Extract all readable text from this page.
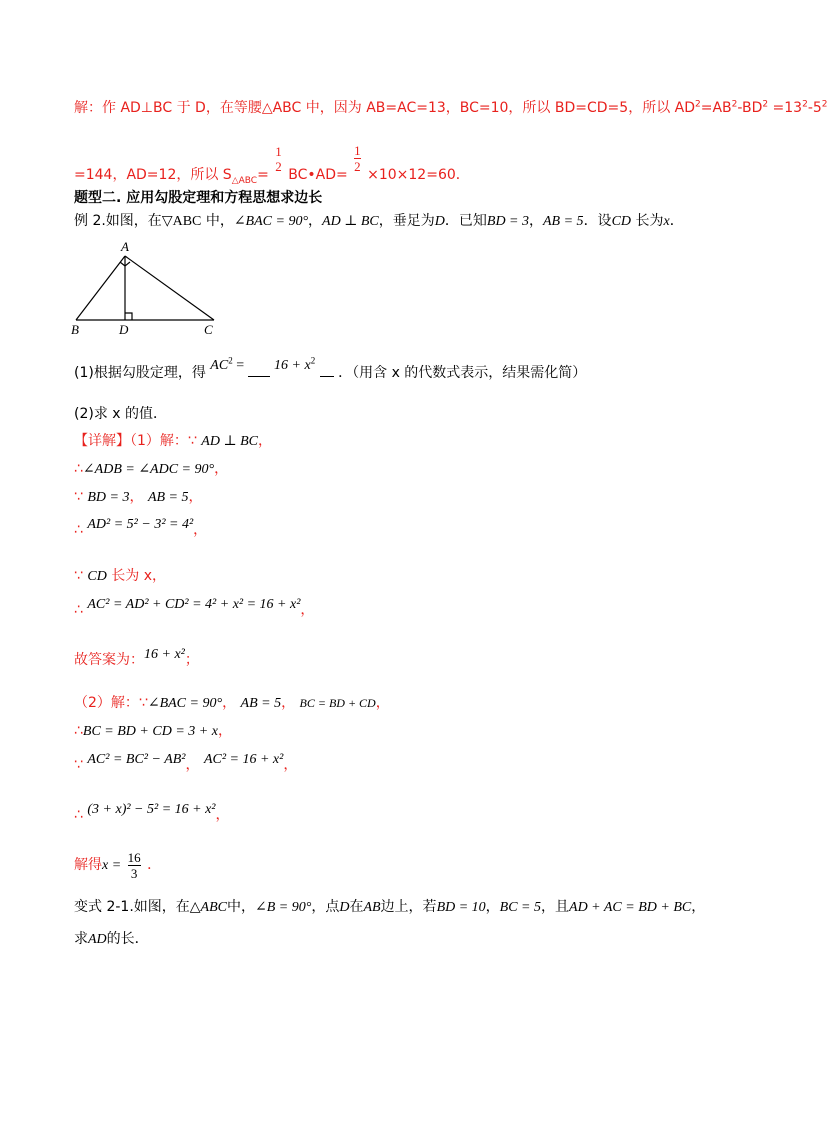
解：作 AD⊥BC 于 D，在等腰△ABC 中，因为 AB=AC=13，BC=10，所以 BD=CD=5，所以 $AD^2=AB^2-BD^2 =13^2-5^2$
=144，AD=12，所以 $S_{\triangle ABC}=$
1
2
BC•AD=
$\frac{1}{2}$
×10×12=60．
题型二. 应用勾股定理和方程思想求边长
例 2.如图，在▽ABC 中，∠BAC = 90°，AD ⊥ BC，垂足为D．已知BD = 3，AB = 5．设CD 长为x．
A
B	D	C
(1)根据勾股定理，得 $AC^2 = 16 + x^2$  ．（用含 x 的代数式表示，结果需化简）
(2)求 x 的值．
【详解】（1）解：∵ AD ⊥ BC，
∴∠ADB = ∠ADC = 90°，
∵ BD = 3， AB = 5，
∴ AD² = 5² − 3² = 4²，
∵ CD 长为 x，
∴ AC² = AD² + CD² = 4² + x² = 16 + x²，
故答案为：16 + x²；
（2）解：∵∠BAC = 90°， AB = 5， BC = BD + CD，
∴BC = BD + CD = 3 + x，
∵ AC² = BC² − AB²， AC² = 16 + x²，
∴ (3 + x)² − 5² = 16 + x²，
解得$x = \frac{16}{3}$ ．
变式 2-1.如图，在△ABC中，∠B = 90°，点D在AB边上，若BD = 10，BC = 5，且AD + AC = BD + BC，
求AD的长．
